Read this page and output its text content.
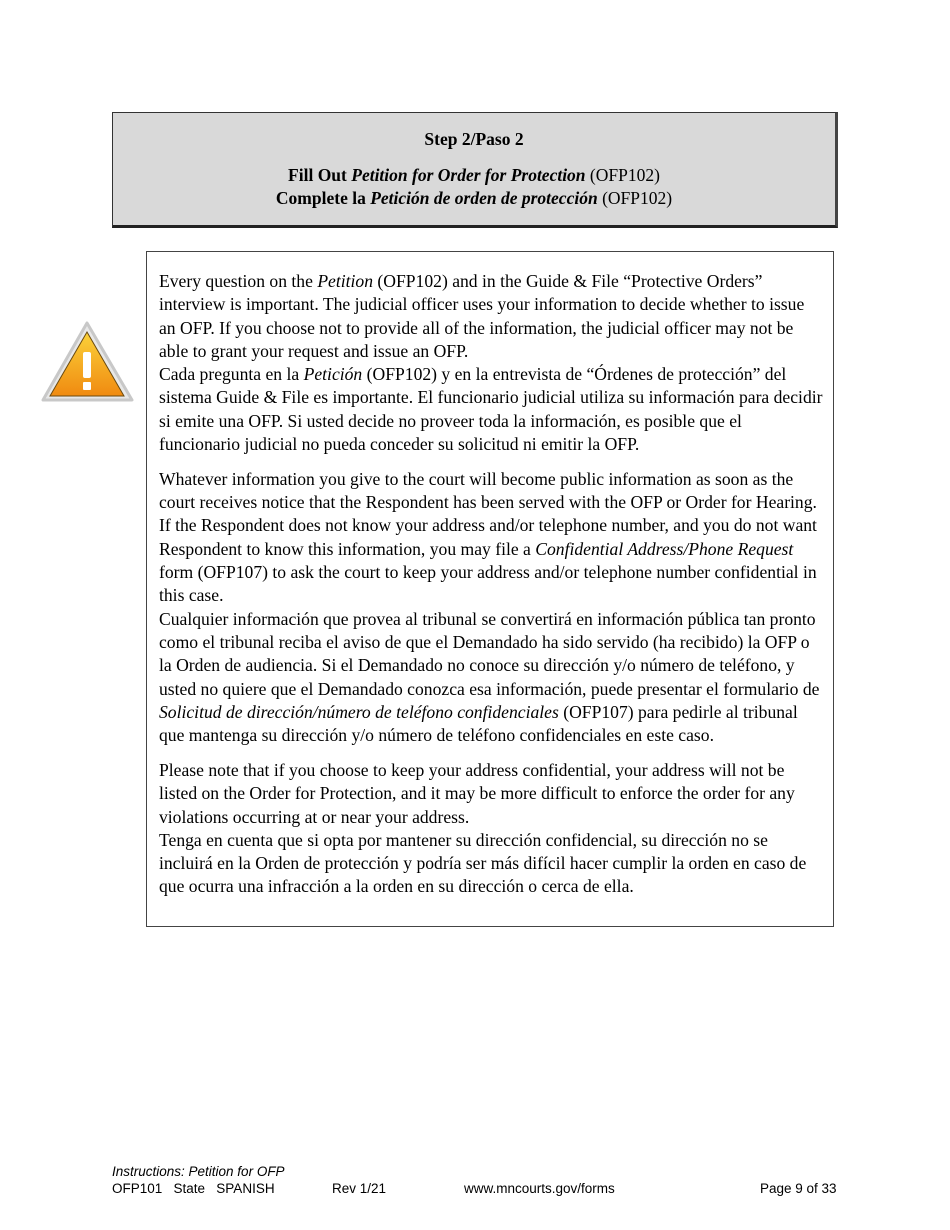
Step 2/Paso 2
Fill Out Petition for Order for Protection (OFP102)
Complete la Petición de orden de protección (OFP102)

Every question on the Petition (OFP102) and in the Guide & File “Protective Orders” interview is important. The judicial officer uses your information to decide whether to issue an OFP. If you choose not to provide all of the information, the judicial officer may not be able to grant your request and issue an OFP.
Cada pregunta en la Petición (OFP102) y en la entrevista de “Órdenes de protección” del sistema Guide & File es importante. El funcionario judicial utiliza su información para decidir si emite una OFP. Si usted decide no proveer toda la información, es posible que el funcionario judicial no pueda conceder su solicitud ni emitir la OFP.

Whatever information you give to the court will become public information as soon as the court receives notice that the Respondent has been served with the OFP or Order for Hearing. If the Respondent does not know your address and/or telephone number, and you do not want Respondent to know this information, you may file a Confidential Address/Phone Request form (OFP107) to ask the court to keep your address and/or telephone number confidential in this case.
Cualquier información que provea al tribunal se convertirá en información pública tan pronto como el tribunal reciba el aviso de que el Demandado ha sido servido (ha recibido) la OFP o la Orden de audiencia. Si el Demandado no conoce su dirección y/o número de teléfono, y usted no quiere que el Demandado conozca esa información, puede presentar el formulario de Solicitud de dirección/número de teléfono confidenciales (OFP107) para pedirle al tribunal que mantenga su dirección y/o número de teléfono confidenciales en este caso.

Please note that if you choose to keep your address confidential, your address will not be listed on the Order for Protection, and it may be more difficult to enforce the order for any violations occurring at or near your address.
Tenga en cuenta que si opta por mantener su dirección confidencial, su dirección no se incluirá en la Orden de protección y podría ser más difícil hacer cumplir la orden en caso de que ocurra una infracción a la orden en su dirección o cerca de ella.

Instructions: Petition for OFP
OFP101   State   SPANISH	Rev 1/21	www.mncourts.gov/forms	Page 9 of 33
